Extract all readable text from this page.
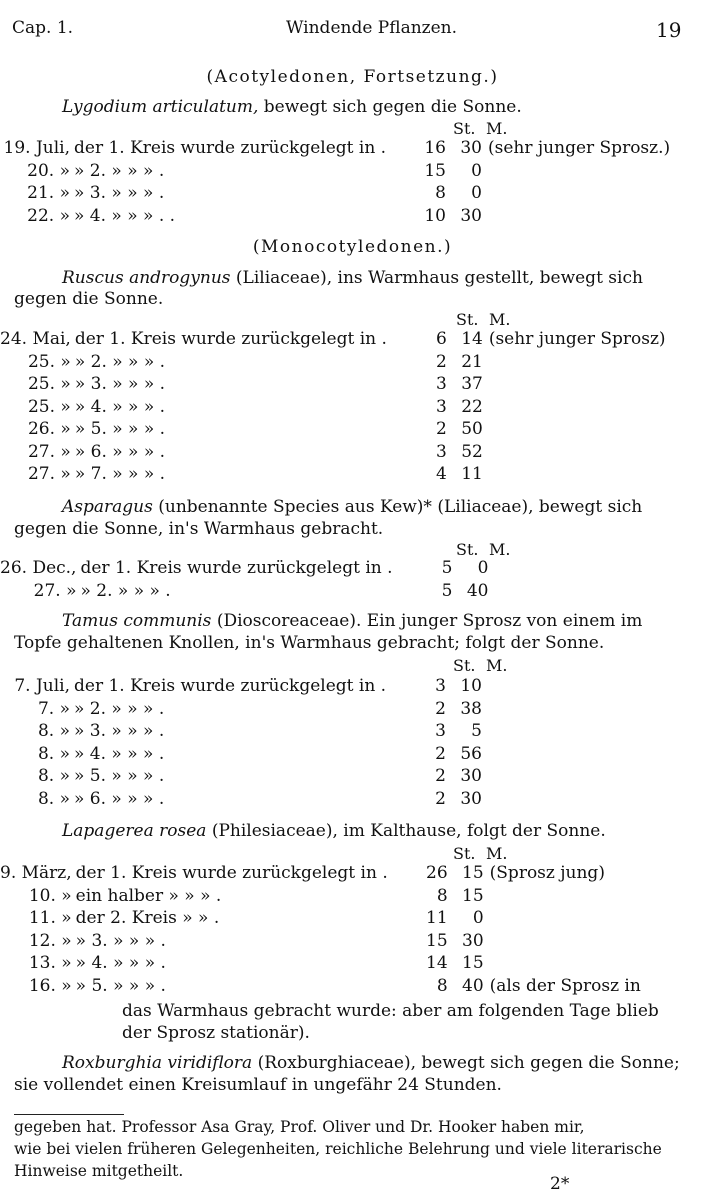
Cap. 1.	Windende Pflanzen.	19
(Acotyledonen, Fortsetzung.)
Lygodium articulatum, bewegt sich gegen die Sonne.
St. M.
19. Juli,	der 1. Kreis wurde zurückgelegt in .	16	30	(sehr junger Sprosz.)
20. »	» 2. » » » .	15	0	
21. »	» 3. » » » .	8	0	
22. »	» 4. » » » . .	10	30	
(Monocotyledonen.)
Ruscus androgynus (Liliaceae), ins Warmhaus gestellt, bewegt sich
gegen die Sonne.
St. M.
24. Mai,	der 1. Kreis wurde zurückgelegt in .	6	14	(sehr junger Sprosz)
25. »	» 2. » » » .	2	21	
25. »	» 3. » » » .	3	37	
25. »	» 4. » » » .	3	22	
26. »	» 5. » » » .	2	50	
27. »	» 6. » » » .	3	52	
27. »	» 7. » » » .	4	11	
Asparagus (unbenannte Species aus Kew)* (Liliaceae), bewegt sich
gegen die Sonne, in's Warmhaus gebracht.
St. M.
26. Dec.,	der 1. Kreis wurde zurückgelegt in .	5	0	
27. »	» 2. » » » .	5	40	
Tamus communis (Dioscoreaceae). Ein junger Sprosz von einem im
Topfe gehaltenen Knollen, in's Warmhaus gebracht; folgt der Sonne.
St. M.
7. Juli,	der 1. Kreis wurde zurückgelegt in .	3	10	
7. »	» 2. » » » .	2	38	
8. »	» 3. » » » .	3	5	
8. »	» 4. » » » .	2	56	
8. »	» 5. » » » .	2	30	
8. »	» 6. » » » .	2	30	
Lapagerea rosea (Philesiaceae), im Kalthause, folgt der Sonne.
St. M.
9. März,	der 1. Kreis wurde zurückgelegt in .	26	15	(Sprosz jung)
10. »	ein halber » » » .	8	15	
11. »	der 2. Kreis » » .	11	0	
12. »	» 3. » » » .	15	30	
13. »	» 4. » » » .	14	15	
16. »	» 5. » » » .	8	40	(als der Sprosz in
das Warmhaus gebracht wurde: aber am folgenden Tage blieb
der Sprosz stationär).
Roxburghia viridiflora (Roxburghiaceae), bewegt sich gegen die Sonne;
sie vollendet einen Kreisumlauf in ungefähr 24 Stunden.
gegeben hat. Professor Asa Gray, Prof. Oliver und Dr. Hooker haben mir,
wie bei vielen früheren Gelegenheiten, reichliche Belehrung und viele literarische
Hinweise mitgetheilt.
2*
